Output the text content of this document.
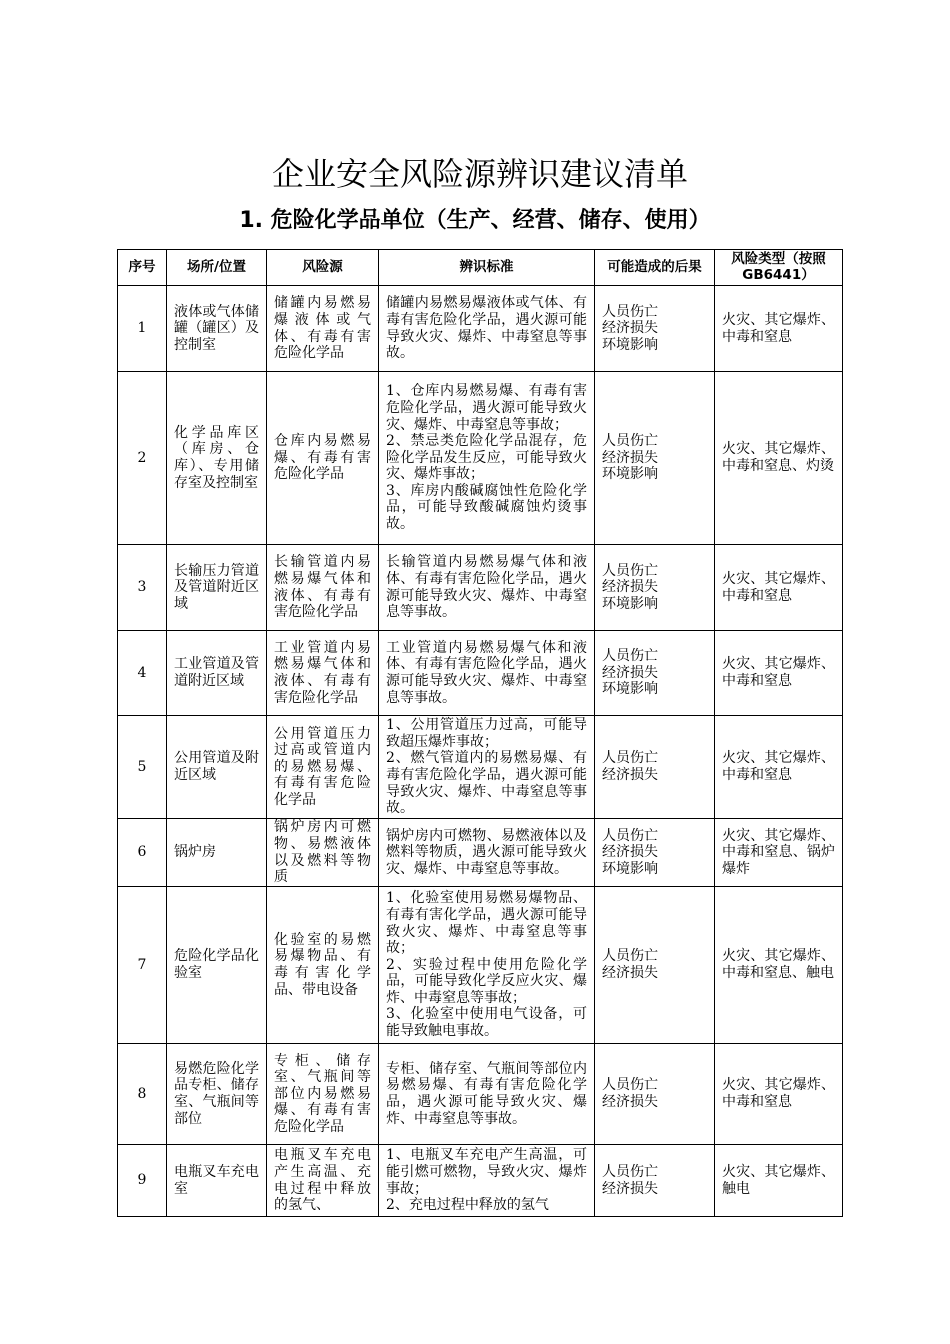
企业安全风险源辨识建议清单
1. 危险化学品单位（生产、经营、储存、使用）
序号	场所/位置	风险源	辨识标准	可能造成的后果	风险类型（按照GB6441）
1	液体或气体储罐（罐区）及控制室	储罐内易燃易爆液体或气体、有毒有害危险化学品	储罐内易燃易爆液体或气体、有毒有害危险化学品，遇火源可能导致火灾、爆炸、中毒窒息等事故。	人员伤亡
经济损失
环境影响	火灾、其它爆炸、中毒和窒息
2	化学品库区（库房、仓库）、专用储存室及控制室	仓库内易燃易爆、有毒有害危险化学品	1、仓库内易燃易爆、有毒有害危险化学品，遇火源可能导致火灾、爆炸、中毒窒息等事故；
2、禁忌类危险化学品混存，危险化学品发生反应，可能导致火灾、爆炸事故；
3、库房内酸碱腐蚀性危险化学品，可能导致酸碱腐蚀灼烫事故。	人员伤亡
经济损失
环境影响	火灾、其它爆炸、中毒和窒息、灼烫
3	长输压力管道及管道附近区域	长输管道内易燃易爆气体和液体、有毒有害危险化学品	长输管道内易燃易爆气体和液体、有毒有害危险化学品，遇火源可能导致火灾、爆炸、中毒窒息等事故。	人员伤亡
经济损失
环境影响	火灾、其它爆炸、中毒和窒息
4	工业管道及管道附近区域	工业管道内易燃易爆气体和液体、有毒有害危险化学品	工业管道内易燃易爆气体和液体、有毒有害危险化学品，遇火源可能导致火灾、爆炸、中毒窒息等事故。	人员伤亡
经济损失
环境影响	火灾、其它爆炸、中毒和窒息
5	公用管道及附近区域	公用管道压力过高或管道内的易燃易爆、有毒有害危险化学品	1、公用管道压力过高，可能导致超压爆炸事故；
2、燃气管道内的易燃易爆、有毒有害危险化学品，遇火源可能导致火灾、爆炸、中毒窒息等事故。	人员伤亡
经济损失	火灾、其它爆炸、中毒和窒息
6	锅炉房	锅炉房内可燃物、易燃液体以及燃料等物质	锅炉房内可燃物、易燃液体以及燃料等物质，遇火源可能导致火灾、爆炸、中毒窒息等事故。	人员伤亡
经济损失
环境影响	火灾、其它爆炸、中毒和窒息、锅炉爆炸
7	危险化学品化验室	化验室的易燃易爆物品、有毒有害化学品、带电设备	1、化验室使用易燃易爆物品、有毒有害化学品，遇火源可能导致火灾、爆炸、中毒窒息等事故；
2、实验过程中使用危险化学品，可能导致化学反应火灾、爆炸、中毒窒息等事故；
3、化验室中使用电气设备，可能导致触电事故。	人员伤亡
经济损失	火灾、其它爆炸、中毒和窒息、触电
8	易燃危险化学品专柜、储存室、气瓶间等部位	专柜、储存室、气瓶间等部位内易燃易爆、有毒有害危险化学品	专柜、储存室、气瓶间等部位内易燃易爆、有毒有害危险化学品，遇火源可能导致火灾、爆炸、中毒窒息等事故。	人员伤亡
经济损失	火灾、其它爆炸、中毒和窒息
9	电瓶叉车充电室	电瓶叉车充电产生高温、充电过程中释放的氢气、	1、电瓶叉车充电产生高温，可能引燃可燃物，导致火灾、爆炸事故；
2、充电过程中释放的氢气	人员伤亡
经济损失	火灾、其它爆炸、触电
